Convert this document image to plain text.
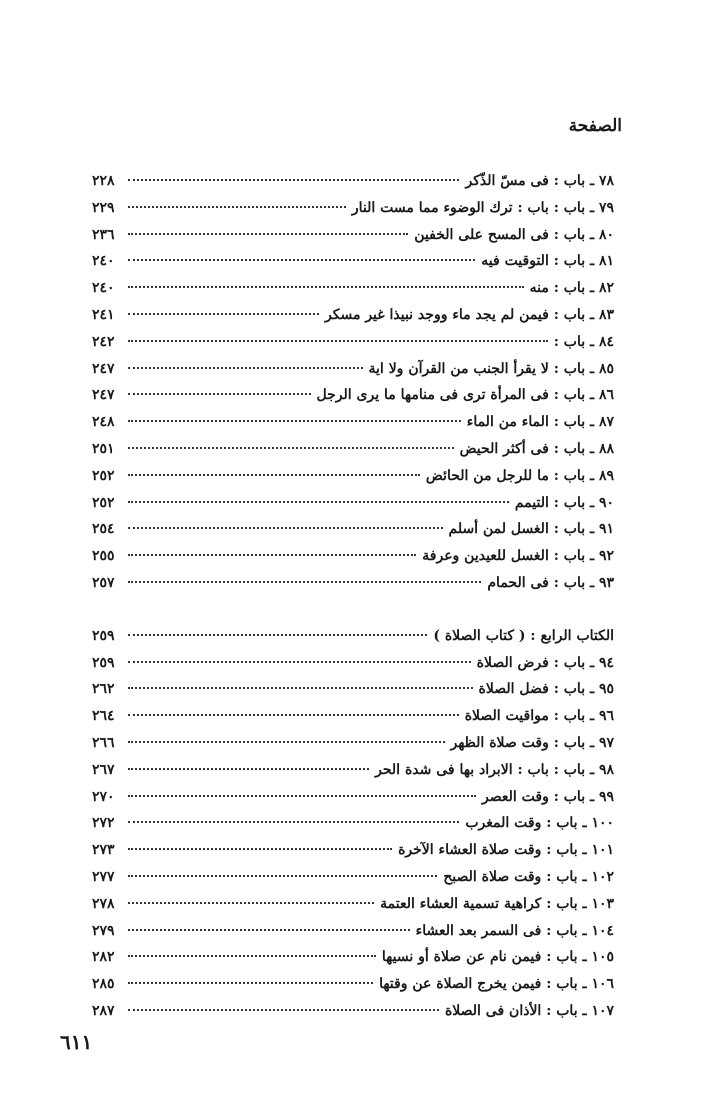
الصفحة
٧٨ ـ باب : فى مسّ الذّكر
٢٢٨
٧٩ ـ باب : باب : ترك الوضوء مما مست النار
٢٢٩
٨٠ ـ باب : فى المسح على الخفين
٢٣٦
٨١ ـ باب : التوقيت فيه
٢٤٠
٨٢ ـ باب : منه
٢٤٠
٨٣ ـ باب : فيمن لم يجد ماء ووجد نبيذا غير مسكر
٢٤١
٨٤ ـ باب :
٢٤٢
٨٥ ـ باب : لا يقرأ الجنب من القرآن ولا اية
٢٤٧
٨٦ ـ باب : فى المرأة ترى فى منامها ما يرى الرجل
٢٤٧
٨٧ ـ باب : الماء من الماء
٢٤٨
٨٨ ـ باب : فى أكثر الحيض
٢٥١
٨٩ ـ باب : ما للرجل من الحائض
٢٥٢
٩٠ ـ باب : التيمم
٢٥٢
٩١ ـ باب : الغسل لمن أسلم
٢٥٤
٩٢ ـ باب : الغسل للعيدين وعرفة
٢٥٥
٩٣ ـ باب : فى الحمام
٢٥٧
الكتاب الرابع : ( كتاب الصلاة )
٢٥٩
٩٤ ـ باب : فرض الصلاة
٢٥٩
٩٥ ـ باب : فضل الصلاة
٢٦٢
٩٦ ـ باب : مواقيت الصلاة
٢٦٤
٩٧ ـ باب : وقت صلاة الظهر
٢٦٦
٩٨ ـ باب : باب : الابراد بها فى شدة الحر
٢٦٧
٩٩ ـ باب : وقت العصر
٢٧٠
١٠٠ ـ باب : وقت المغرب
٢٧٢
١٠١ ـ باب : وقت صلاة العشاء الآخرة
٢٧٣
١٠٢ ـ باب : وقت صلاة الصبح
٢٧٧
١٠٣ ـ باب : كراهية تسمية العشاء العتمة
٢٧٨
١٠٤ ـ باب : فى السمر بعد العشاء
٢٧٩
١٠٥ ـ باب : فيمن نام عن صلاة أو نسيها
٢٨٢
١٠٦ ـ باب : فيمن يخرج الصلاة عن وقتها
٢٨٥
١٠٧ ـ باب : الأذان فى الصلاة
٢٨٧
٦١١
